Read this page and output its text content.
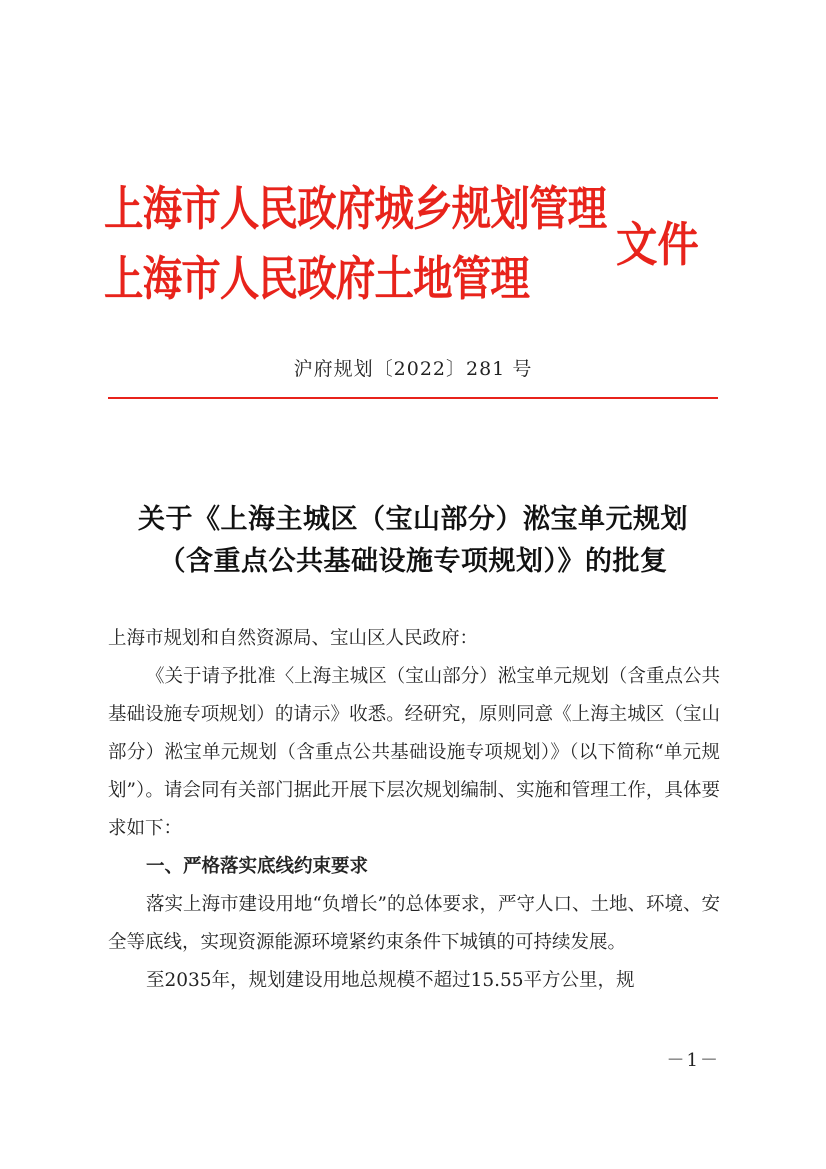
上海市人民政府城乡规划管理
上海市人民政府土地管理
文件
沪府规划〔2022〕281 号
关于《上海主城区（宝山部分）淞宝单元规划
（含重点公共基础设施专项规划）》的批复

上海市规划和自然资源局、宝山区人民政府：

《关于请予批准〈上海主城区（宝山部分）淞宝单元规划（含重点公共基础设施专项规划）的请示》收悉。经研究，原则同意《上海主城区（宝山部分）淞宝单元规划（含重点公共基础设施专项规划）》（以下简称“单元规划”）。请会同有关部门据此开展下层次规划编制、实施和管理工作，具体要求如下：

一、严格落实底线约束要求

落实上海市建设用地“负增长”的总体要求，严守人口、土地、环境、安全等底线，实现资源能源环境紧约束条件下城镇的可持续发展。

至2035年，规划建设用地总规模不超过15.55平方公里，规

－1－
